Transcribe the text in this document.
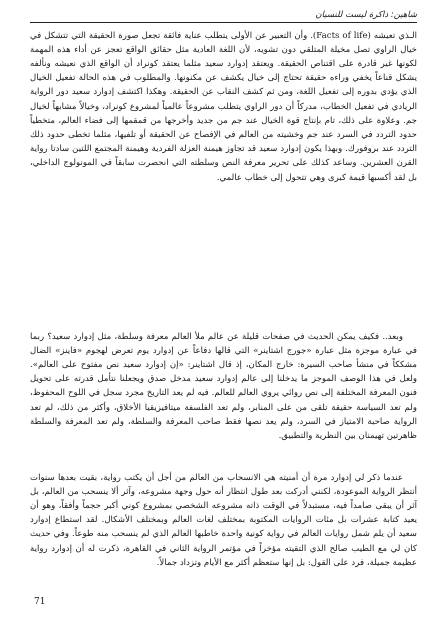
شاهين: ذاكرة ليست للنسيان

الـذي تعيشه (Facts of life). وأن التعبير عن الأولى يتطلب عناية فائقة تجعل صورة الحقيقة التي تتشكل في خيال الراوي تصل مخيلة المتلقي دون تشويه، لأن اللغة العادية مثل حقائق الواقع تعجز عن أداء هذه المهمة لكونها غير قادرة على اقتناص الحقيقة. ويعتقد إدوارد سعيد مثلما يعتقد كونراد أن الواقع الذي نعيشه ونألفه يشكل قناعاً يخفي وراءه حقيقة تحتاج إلى خيال يكشف عن مكنونها. والمطلوب في هذه الحالة تفعيل الخيال الذي يؤدي بدوره إلى تفعيل اللغة، ومن ثم كشف النقاب عن الحقيقة. وهكذا اكتشف إدوارد سعيد دور الرواية الريادي في تفعيل الخطاب، مدركاً أن دور الراوي يتطلب مشروعاً عالمياً لمشروع كونراد، وخيالاً مشابهاً لخيال جم. وعلاوة على ذلك، تام بإنتاج قوة الخيال عند جم من جديد وأخرجها من قمقمها إلى فضاء العالم، متخطياً حدود التردد في السرد عند جم وخشيته من العالم في الإفصاح عن الحقيقة أو تلفيها، مثلما تخطى حدود ذلك التردد عند بروفورك. وبهذا يكون إدوارد سعيد قد تجاوز هيمنة العزلة الفردية وهيمنة المجتمع اللتين سادتا رواية القرن العشرين. وساعد كذلك على تحرير معرفة النص وسلطته التي انحصرت سابقاً في المونولوج الداخلي، بل لقد أكسبها قيمة كبرى وهي تتحول إلى خطاب عالمي.

وبعد.. فكيف يمكن الحديث في صفحات قليلة عن عالم ملأ العالم معرفة وسلطة، مثل إدوارد سعيد؟ ربما في عبارة موجزة مثل عبارة «جورج اشتاينر» التي قالها دفاعاً عن إدوارد يوم تعرض لهجوم «فاينز» الضال مشككاً في منشأ صاحب السيرة: خارج المكان، إذ قال اشتاينر: «إن إدوارد سعيد نص مفتوح على العالم». ولعل في هذا الوصف الموجز ما يدخلنا إلى عالم إدوارد سعيد مدخل صدق ويجعلنا نتأمل قدرته على تحويل فنون المعرفة المختلفة إلى نص روائي يروي العالم للعالم. فيه لم يعد التاريخ مجرد سجل في اللوح المحفوظ، ولم تعد السياسة حقيقة تلقى من على المنابر، ولم تعد الفلسفة ميتافيزيقيا الأخلاق، وأكثر من ذلك، لم تعد الرواية صاحبة الامتياز في السرد، ولم يعد نصها فقط صاحب المعرفة والسلطة، ولم تعد المعرفة والسلطة ظاهرتين تهيمنان بين النظرية والتطبيق.

عندما ذكر لي إدوارد مرة أن أمنيته هي الانسحاب من العالم من أجل أن يكتب رواية، بقيت بعدها سنوات أنتظر الرواية الموعودة، لكنني أدركت بعد طول انتظار أنه حول وجهة مشروعه، وآثر ألا ينسحب من العالم، بل آثر أن يبقى صامداً فيه، مستبدلاً في الوقت ذاته مشروعه الشخصي بمشروع كوني أكبر حجماً وأفقاً، وهو أن يعيد كتابة عشرات بل مئات الروايات المكتوبة بمختلف لغات العالم وبمختلف الأشكال. لقد استطاع إدوارد سعيد أن يلم شمل روايات العالم في رواية كونية واحدة خاطبها العالم الذي لم ينسحب منه طوعاً. وفي حديث كان لي مع الطيب صالح الذي التقيته مؤخراً في مؤتمر الرواية الثاني في القاهرة، ذكرت له أن إدوارد رواية عظيمة جميلة، فرد على القول: بل إنها ستعظم أكثر مع الأيام وتزداد جمالاً.

71
